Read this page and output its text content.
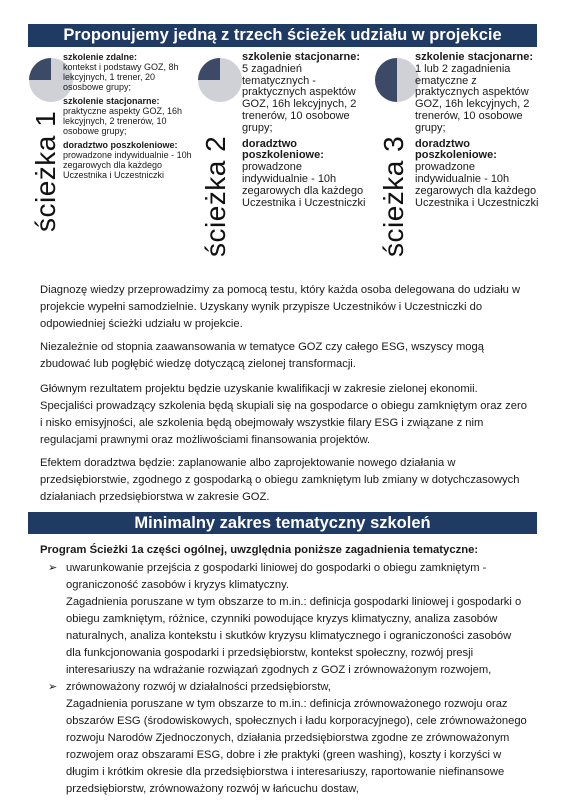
Proponujemy jedną z trzech ścieżek udziału w projekcie
ścieżka 1
szkolenie zdalne:
kontekst i podstawy GOZ, 8h lekcyjnych, 1 trener, 20 ososbowe grupy;
szkolenie stacjonarne:
praktyczne aspekty GOZ, 16h lekcyjnych, 2 trenerów, 10 osobowe grupy;
doradztwo poszkoleniowe:
prowadzone indywidualnie - 10h zegarowych dla każdego Uczestnika i Uczestniczki	ścieżka 2
szkolenie stacjonarne: 5 zagadnień tematycznych - praktycznych aspektów GOZ, 16h lekcyjnych, 2 trenerów, 10 osobowe grupy;
doradztwo poszkoleniowe:
prowadzone indywidualnie - 10h zegarowych dla każdego Uczestnika i Uczestniczki ścieżka 3
szkolenie stacjonarne: 1 lub 2 zagadnienia ematyczne z praktycznych aspektów GOZ, 16h lekcyjnych, 2 trenerów, 10 osobowe grupy;
doradztwo poszkoleniowe:
prowadzone indywidualnie - 10h zegarowych dla każdego Uczestnika i Uczestniczki

Diagnozę wiedzy przeprowadzimy za pomocą testu, który każda osoba delegowana do udziału w projekcie wypełni samodzielnie. Uzyskany wynik przypisze Uczestników i Uczestniczki do odpowiedniej ścieżki udziału w projekcie.

Niezależnie od stopnia zaawansowania w tematyce GOZ czy całego ESG, wszyscy mogą zbudować lub pogłębić wiedzę dotyczącą zielonej transformacji.

Głównym rezultatem projektu będzie uzyskanie kwalifikacji w zakresie zielonej ekonomii. Specjaliści prowadzący szkolenia będą skupiali się na gospodarce o obiegu zamkniętym oraz zero i nisko emisyjności, ale szkolenia będą obejmowały wszystkie filary ESG i związane z nim regulacjami prawnymi oraz możliwościami finansowania projektów.

Efektem doradztwa będzie: zaplanowanie albo zaprojektowanie nowego działania w przedsiębiorstwie, zgodnego z gospodarką o obiegu zamkniętym lub zmiany w dotychczasowych działaniach przedsiębiorstwa w zakresie GOZ.

Minimalny zakres tematyczny szkoleń
Program Ścieżki 1a części ogólnej, uwzględnia poniższe zagadnienia tematyczne:
➢ uwarunkowanie przejścia z gospodarki liniowej do gospodarki o obiegu zamkniętym - ograniczoność zasobów i kryzys klimatyczny.
Zagadnienia poruszane w tym obszarze to m.in.: definicja gospodarki liniowej i gospodarki o obiegu zamkniętym, różnice, czynniki powodujące kryzys klimatyczny, analiza zasobów naturalnych, analiza kontekstu i skutków kryzysu klimatycznego i ograniczoności zasobów dla funkcjonowania gospodarki i przedsiębiorstw, kontekst społeczny, rozwój presji interesariuszy na wdrażanie rozwiązań zgodnych z GOZ i zrównoważonym rozwojem,
➢ zrównoważony rozwój w działalności przedsiębiorstw,
Zagadnienia poruszane w tym obszarze to m.in.: definicja zrównoważonego rozwoju oraz obszarów ESG (środowiskowych, społecznych i ładu korporacyjnego), cele zrównoważonego rozwoju Narodów Zjednoczonych, działania przedsiębiorstwa zgodne ze zrównoważonym rozwojem oraz obszarami ESG, dobre i złe praktyki (green washing), koszty i korzyści w długim i krótkim okresie dla przedsiębiorstwa i interesariuszy, raportowanie niefinansowe przedsiębiorstw, zrównoważony rozwój w łańcuchu dostaw,
